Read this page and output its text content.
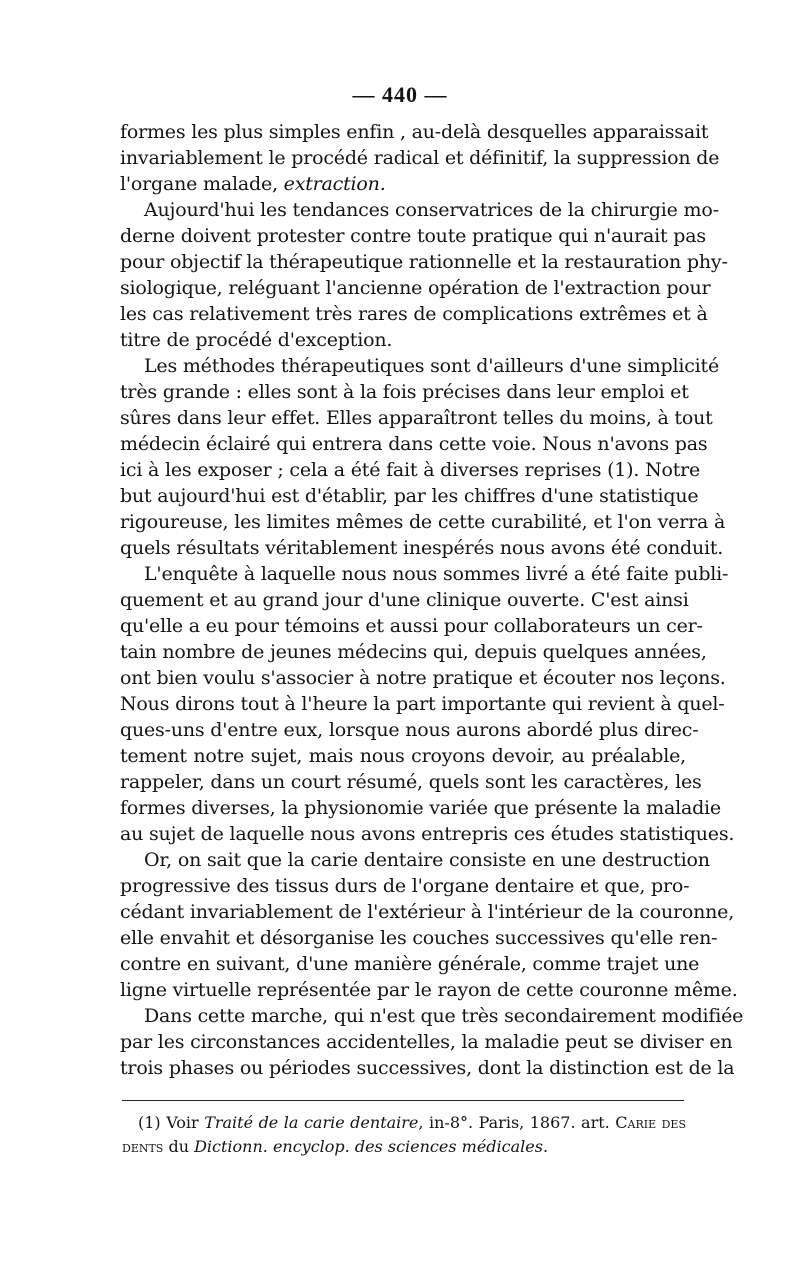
— 440 —
formes les plus simples enfin , au-delà desquelles apparaissait
invariablement le procédé radical et définitif, la suppression de
l'organe malade, extraction.
Aujourd'hui les tendances conservatrices de la chirurgie mo-
derne doivent protester contre toute pratique qui n'aurait pas
pour objectif la thérapeutique rationnelle et la restauration phy-
siologique, reléguant l'ancienne opération de l'extraction pour
les cas relativement très rares de complications extrêmes et à
titre de procédé d'exception.
Les méthodes thérapeutiques sont d'ailleurs d'une simplicité
très grande : elles sont à la fois précises dans leur emploi et
sûres dans leur effet. Elles apparaîtront telles du moins, à tout
médecin éclairé qui entrera dans cette voie. Nous n'avons pas
ici à les exposer ; cela a été fait à diverses reprises (1). Notre
but aujourd'hui est d'établir, par les chiffres d'une statistique
rigoureuse, les limites mêmes de cette curabilité, et l'on verra à
quels résultats véritablement inespérés nous avons été conduit.
L'enquête à laquelle nous nous sommes livré a été faite publi-
quement et au grand jour d'une clinique ouverte. C'est ainsi
qu'elle a eu pour témoins et aussi pour collaborateurs un cer-
tain nombre de jeunes médecins qui, depuis quelques années,
ont bien voulu s'associer à notre pratique et écouter nos leçons.
Nous dirons tout à l'heure la part importante qui revient à quel-
ques-uns d'entre eux, lorsque nous aurons abordé plus direc-
tement notre sujet, mais nous croyons devoir, au préalable,
rappeler, dans un court résumé, quels sont les caractères, les
formes diverses, la physionomie variée que présente la maladie
au sujet de laquelle nous avons entrepris ces études statistiques.
Or, on sait que la carie dentaire consiste en une destruction
progressive des tissus durs de l'organe dentaire et que, pro-
cédant invariablement de l'extérieur à l'intérieur de la couronne,
elle envahit et désorganise les couches successives qu'elle ren-
contre en suivant, d'une manière générale, comme trajet une
ligne virtuelle représentée par le rayon de cette couronne même.
Dans cette marche, qui n'est que très secondairement modifiée
par les circonstances accidentelles, la maladie peut se diviser en
trois phases ou périodes successives, dont la distinction est de la
(1) Voir Traité de la carie dentaire, in-8°. Paris, 1867. art. Carie des
dents du Dictionn. encyclop. des sciences médicales.
